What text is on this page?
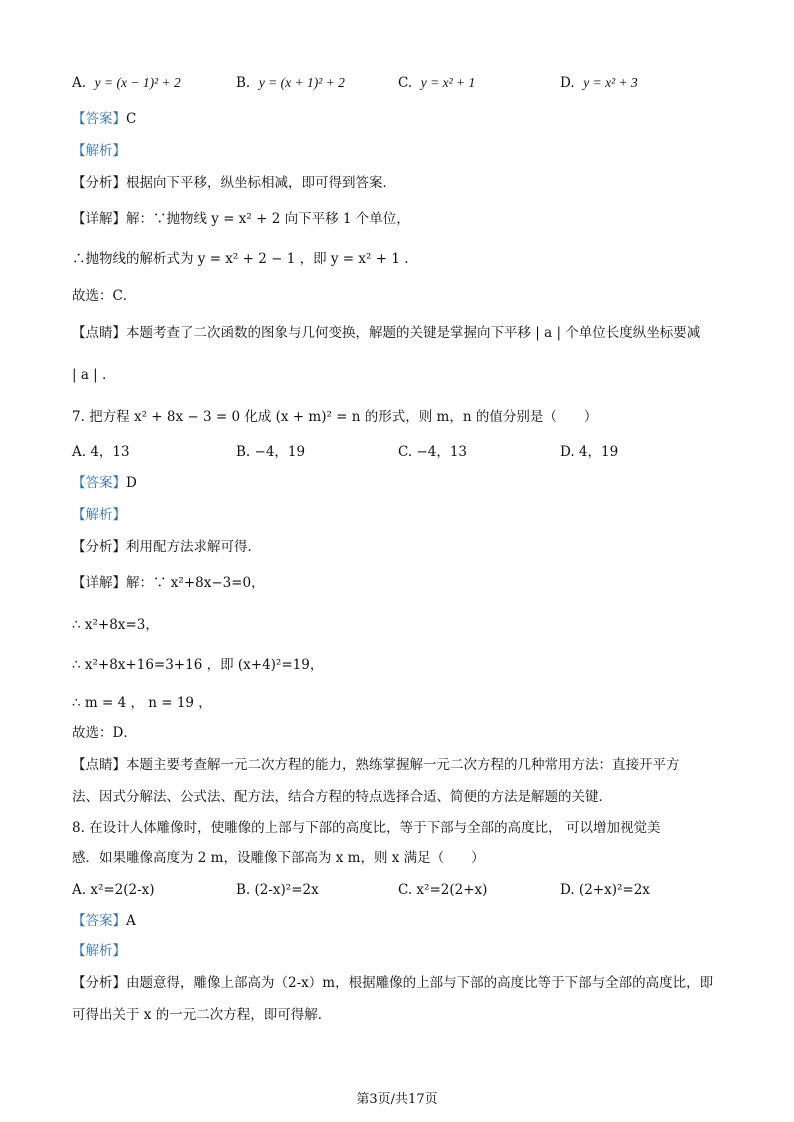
A. y = (x − 1)² + 2	B. y = (x + 1)² + 2	C. y = x² + 1	D. y = x² + 3
【答案】C
【解析】
【分析】根据向下平移，纵坐标相减，即可得到答案．
【详解】解：∵抛物线 y = x² + 2 向下平移 1 个单位，
∴抛物线的解析式为 y = x² + 2 − 1 ，即 y = x² + 1 .
故选：C．
【点睛】本题考查了二次函数的图象与几何变换，解题的关键是掌握向下平移 | a | 个单位长度纵坐标要减
| a | .
7. 把方程 x² + 8x − 3 = 0 化成 (x + m)² = n 的形式，则 m，n 的值分别是（　　）
A. 4，13	B. −4，19	C. −4，13	D. 4，19
【答案】D
【解析】
【分析】利用配方法求解可得．
【详解】解：∵ x²+8x−3=0，
∴ x²+8x=3，
∴ x²+8x+16=3+16 ，即 (x+4)²=19，
∴ m = 4 ， n = 19 ，
故选：D．
【点睛】本题主要考查解一元二次方程的能力，熟练掌握解一元二次方程的几种常用方法：直接开平方
法、因式分解法、公式法、配方法，结合方程的特点选择合适、简便的方法是解题的关键．
8. 在设计人体雕像时，使雕像的上部与下部的高度比，等于下部与全部的高度比， 可以增加视觉美
感．如果雕像高度为 2 m，设雕像下部高为 x m，则 x 满足（　　）
A. x²=2(2-x)	B. (2-x)²=2x	C. x²=2(2+x)	D. (2+x)²=2x
【答案】A
【解析】
【分析】由题意得，雕像上部高为（2-x）m，根据雕像的上部与下部的高度比等于下部与全部的高度比，即
可得出关于 x 的一元二次方程，即可得解．
第3页/共17页
